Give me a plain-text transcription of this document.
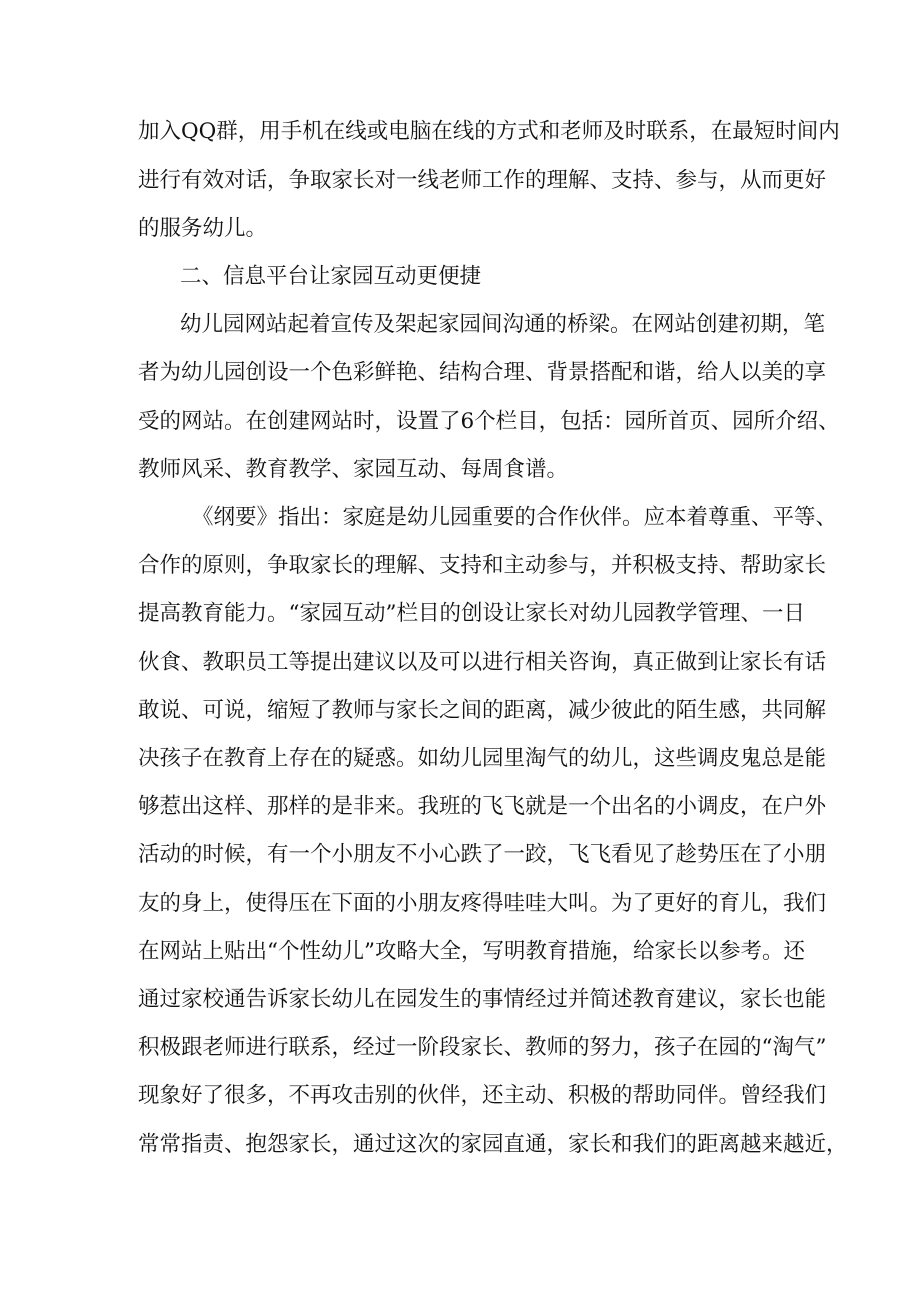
加入QQ群，用手机在线或电脑在线的方式和老师及时联系，在最短时间内
进行有效对话，争取家长对一线老师工作的理解、支持、参与，从而更好
的服务幼儿。
二、信息平台让家园互动更便捷
幼儿园网站起着宣传及架起家园间沟通的桥梁。在网站创建初期，笔
者为幼儿园创设一个色彩鲜艳、结构合理、背景搭配和谐，给人以美的享
受的网站。在创建网站时，设置了6个栏目，包括：园所首页、园所介绍、
教师风采、教育教学、家园互动、每周食谱。
《纲要》指出：家庭是幼儿园重要的合作伙伴。应本着尊重、平等、
合作的原则，争取家长的理解、支持和主动参与，并积极支持、帮助家长
提高教育能力。“家园互动”栏目的创设让家长对幼儿园教学管理、一日
伙食、教职员工等提出建议以及可以进行相关咨询，真正做到让家长有话
敢说、可说，缩短了教师与家长之间的距离，减少彼此的陌生感，共同解
决孩子在教育上存在的疑惑。如幼儿园里淘气的幼儿，这些调皮鬼总是能
够惹出这样、那样的是非来。我班的飞飞就是一个出名的小调皮，在户外
活动的时候，有一个小朋友不小心跌了一跤，飞飞看见了趁势压在了小朋
友的身上，使得压在下面的小朋友疼得哇哇大叫。为了更好的育儿，我们
在网站上贴出“个性幼儿”攻略大全，写明教育措施，给家长以参考。还
通过家校通告诉家长幼儿在园发生的事情经过并简述教育建议，家长也能
积极跟老师进行联系，经过一阶段家长、教师的努力，孩子在园的“淘气”
现象好了很多，不再攻击别的伙伴，还主动、积极的帮助同伴。曾经我们
常常指责、抱怨家长，通过这次的家园直通，家长和我们的距离越来越近，
